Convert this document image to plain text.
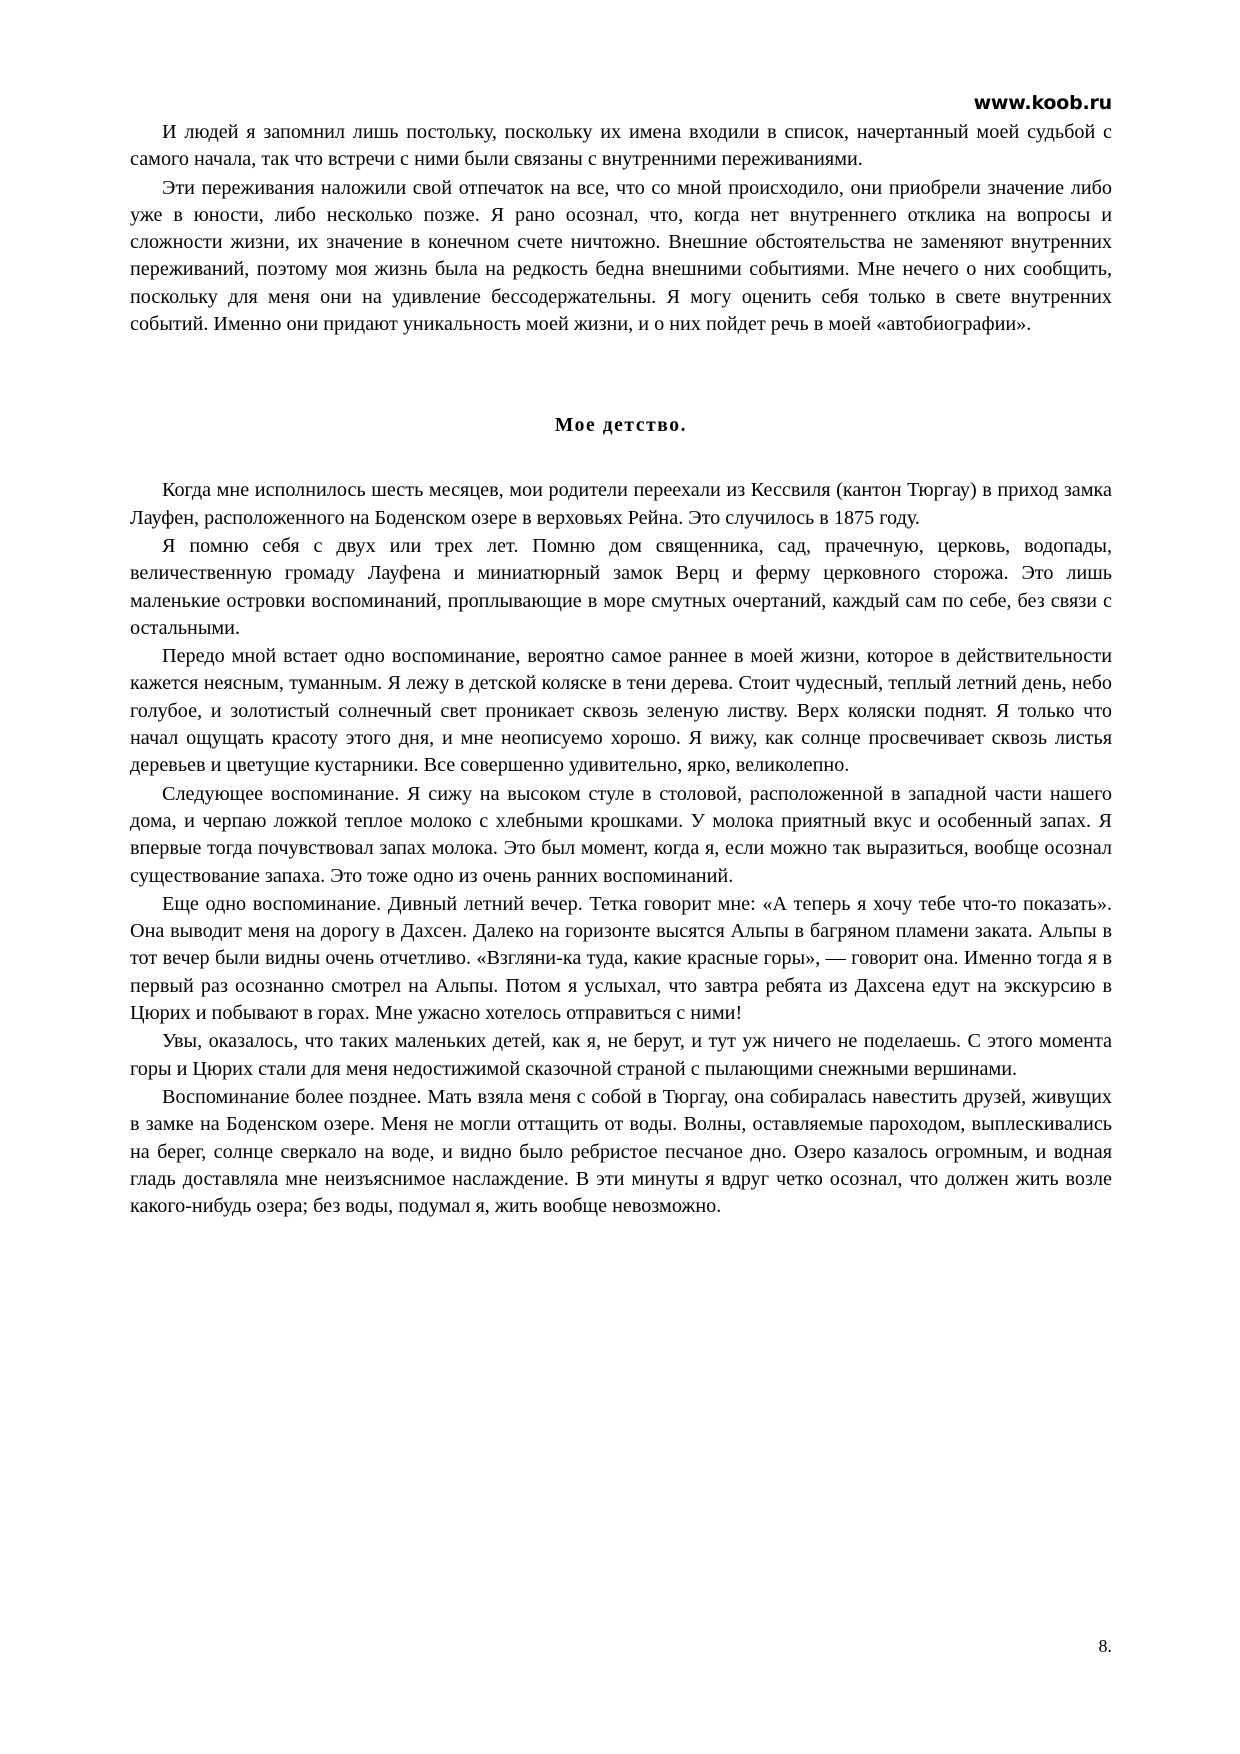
www.koob.ru

И людей я запомнил лишь постольку, поскольку их имена входили в список, начертанный моей судьбой с самого начала, так что встречи с ними были связаны с внутренними переживаниями.

Эти переживания наложили свой отпечаток на все, что со мной происходило, они приобрели значение либо уже в юности, либо несколько позже. Я рано осознал, что, когда нет внутреннего отклика на вопросы и сложности жизни, их значение в конечном счете ничтожно. Внешние обстоятельства не заменяют внутренних переживаний, поэтому моя жизнь была на редкость бедна внешними событиями. Мне нечего о них сообщить, поскольку для меня они на удивление бессодержательны. Я могу оценить себя только в свете внутренних событий. Именно они придают уникальность моей жизни, и о них пойдет речь в моей «автобиографии».

Мое детство.

Когда мне исполнилось шесть месяцев, мои родители переехали из Кессвиля (кантон Тюргау) в приход замка Лауфен, расположенного на Боденском озере в верховьях Рейна. Это случилось в 1875 году.

Я помню себя с двух или трех лет. Помню дом священника, сад, прачечную, церковь, водопады, величественную громаду Лауфена и миниатюрный замок Верц и ферму церковного сторожа. Это лишь маленькие островки воспоминаний, проплывающие в море смутных очертаний, каждый сам по себе, без связи с остальными.

Передо мной встает одно воспоминание, вероятно самое раннее в моей жизни, которое в действительности кажется неясным, туманным. Я лежу в детской коляске в тени дерева. Стоит чудесный, теплый летний день, небо голубое, и золотистый солнечный свет проникает сквозь зеленую листву. Верх коляски поднят. Я только что начал ощущать красоту этого дня, и мне неописуемо хорошо. Я вижу, как солнце просвечивает сквозь листья деревьев и цветущие кустарники. Все совершенно удивительно, ярко, великолепно.

Следующее воспоминание. Я сижу на высоком стуле в столовой, расположенной в западной части нашего дома, и черпаю ложкой теплое молоко с хлебными крошками. У молока приятный вкус и особенный запах. Я впервые тогда почувствовал запах молока. Это был момент, когда я, если можно так выразиться, вообще осознал существование запаха. Это тоже одно из очень ранних воспоминаний.

Еще одно воспоминание. Дивный летний вечер. Тетка говорит мне: «А теперь я хочу тебе что-то показать». Она выводит меня на дорогу в Дахсен. Далеко на горизонте высятся Альпы в багряном пламени заката. Альпы в тот вечер были видны очень отчетливо. «Взгляни-ка туда, какие красные горы», — говорит она. Именно тогда я в первый раз осознанно смотрел на Альпы. Потом я услыхал, что завтра ребята из Дахсена едут на экскурсию в Цюрих и побывают в горах. Мне ужасно хотелось отправиться с ними!

Увы, оказалось, что таких маленьких детей, как я, не берут, и тут уж ничего не поделаешь. С этого момента горы и Цюрих стали для меня недостижимой сказочной страной с пылающими снежными вершинами.

Воспоминание более позднее. Мать взяла меня с собой в Тюргау, она собиралась навестить друзей, живущих в замке на Боденском озере. Меня не могли оттащить от воды. Волны, оставляемые пароходом, выплескивались на берег, солнце сверкало на воде, и видно было ребристое песчаное дно. Озеро казалось огромным, и водная гладь доставляла мне неизъяснимое наслаждение. В эти минуты я вдруг четко осознал, что должен жить возле какого-нибудь озера; без воды, подумал я, жить вообще невозможно.

8.
